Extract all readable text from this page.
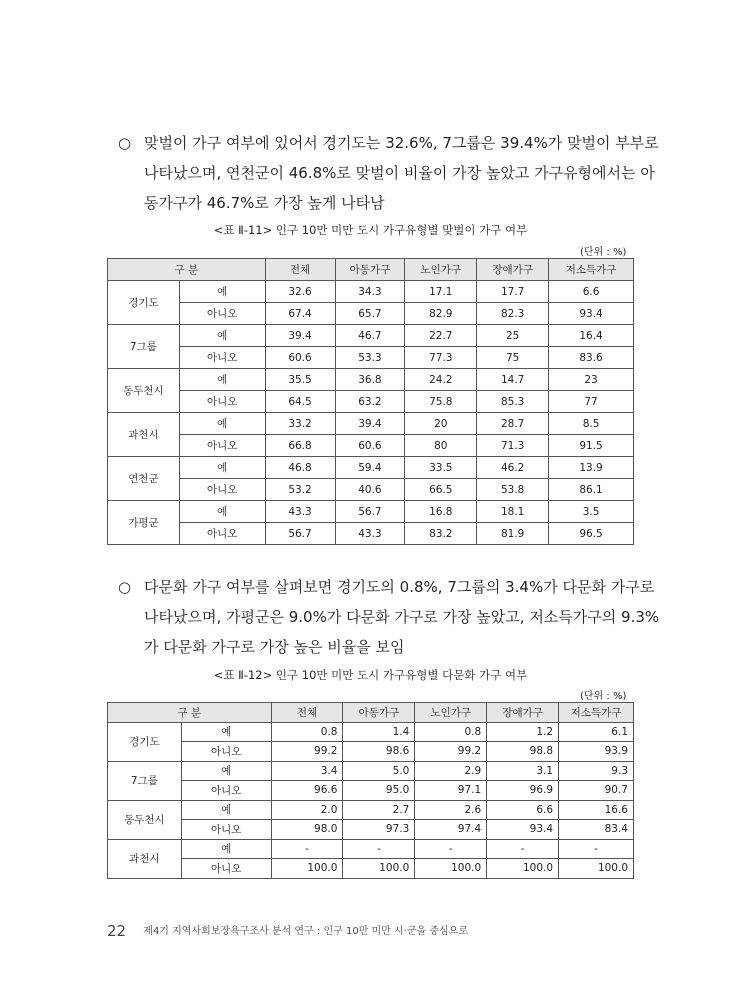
○ 맞벌이 가구 여부에 있어서 경기도는 32.6%, 7그룹은 39.4%가 맞벌이 부부로
나타났으며, 연천군이 46.8%로 맞벌이 비율이 가장 높았고 가구유형에서는 아
동가구가 46.7%로 가장 높게 나타남
<표 Ⅱ-11> 인구 10만 미만 도시 가구유형별 맞벌이 가구 여부
(단위 : %)
구 분		전체	아동가구	노인가구	장애가구	저소득가구
경기도	예	32.6	34.3	17.1	17.7	6.6
	아니오	67.4	65.7	82.9	82.3	93.4
7그룹	예	39.4	46.7	22.7	25	16.4
	아니오	60.6	53.3	77.3	75	83.6
동두천시	예	35.5	36.8	24.2	14.7	23
	아니오	64.5	63.2	75.8	85.3	77
과천시	예	33.2	39.4	20	28.7	8.5
	아니오	66.8	60.6	80	71.3	91.5
연천군	예	46.8	59.4	33.5	46.2	13.9
	아니오	53.2	40.6	66.5	53.8	86.1
가평군	예	43.3	56.7	16.8	18.1	3.5
	아니오	56.7	43.3	83.2	81.9	96.5
○ 다문화 가구 여부를 살펴보면 경기도의 0.8%, 7그룹의 3.4%가 다문화 가구로
나타났으며, 가평군은 9.0%가 다문화 가구로 가장 높았고, 저소득가구의 9.3%
가 다문화 가구로 가장 높은 비율을 보임
<표 Ⅱ-12> 인구 10만 미만 도시 가구유형별 다문화 가구 여부
(단위 : %)
구 분		전체	아동가구	노인가구	장애가구	저소득가구
경기도	예	0.8	1.4	0.8	1.2	6.1
	아니오	99.2	98.6	99.2	98.8	93.9
7그룹	예	3.4	5.0	2.9	3.1	9.3
	아니오	96.6	95.0	97.1	96.9	90.7
동두천시	예	2.0	2.7	2.6	6.6	16.6
	아니오	98.0	97.3	97.4	93.4	83.4
과천시	예	-	-	-	-	-
	아니오	100.0	100.0	100.0	100.0	100.0
22 제4기 지역사회보장욕구조사 분석 연구 : 인구 10만 미만 시·군을 중심으로
